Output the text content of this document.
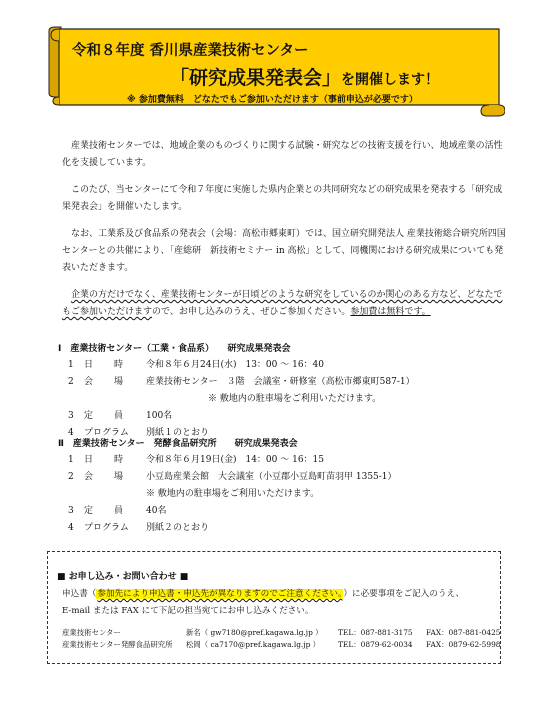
令和８年度 香川県産業技術センター
「研究成果発表会」を開催します！
※ 参加費無料　どなたでもご参加いただけます（事前申込が必要です）

産業技術センターでは、地域企業のものづくりに関する試験・研究などの技術支援を行い、地域産業の活性化を支援しています。

このたび、当センターにて令和７年度に実施した県内企業との共同研究などの研究成果を発表する「研究成果発表会」を開催いたします。

なお、工業系及び食品系の発表会（会場：高松市郷東町）では、国立研究開発法人 産業技術総合研究所四国センターとの共催により、「産総研　新技術セミナー in 高松」として、同機関における研究成果についても発表いただきます。

企業の方だけでなく、産業技術センターが日頃どのような研究をしているのか関心のある方など、どなたでもご参加いただけますので、お申し込みのうえ、ぜひご参加ください。参加費は無料です。

Ⅰ　産業技術センター（工業・食品系）　　研究成果発表会
1	日　時	令和８年６月24日(水)　13：00 ～ 16：40
2	会　場	産業技術センター　３階　会議室・研修室（高松市郷東町587-1）
※ 敷地内の駐車場をご利用いただけます。
3	定　員	100名
4	プログラム	別紙１のとおり
Ⅱ　産業技術センター　発酵食品研究所　　研究成果発表会
1	日　時	令和８年６月19日(金)　14：00 ～ 16：15
2	会　場	小豆島産業会館　大会議室（小豆郡小豆島町苗羽甲 1355-1）
※ 敷地内の駐車場をご利用いただけます。
3	定　員	40名
4	プログラム	別紙２のとおり
■ お申し込み・お問い合わせ ■
申込書（参加先により申込書・申込先が異なりますのでご注意ください。）に必要事項をご記入のうえ、
E-mail または FAX にて下記の担当宛てにお申し込みください。
産業技術センター	新名（ gw7180@pref.kagawa.lg.jp ） TEL：087-881-3175 FAX：087-881-0425
産業技術センター発酵食品研究所 松岡（ ca7170@pref.kagawa.lg.jp ） TEL：0879-62-0034 FAX：0879-62-5998
